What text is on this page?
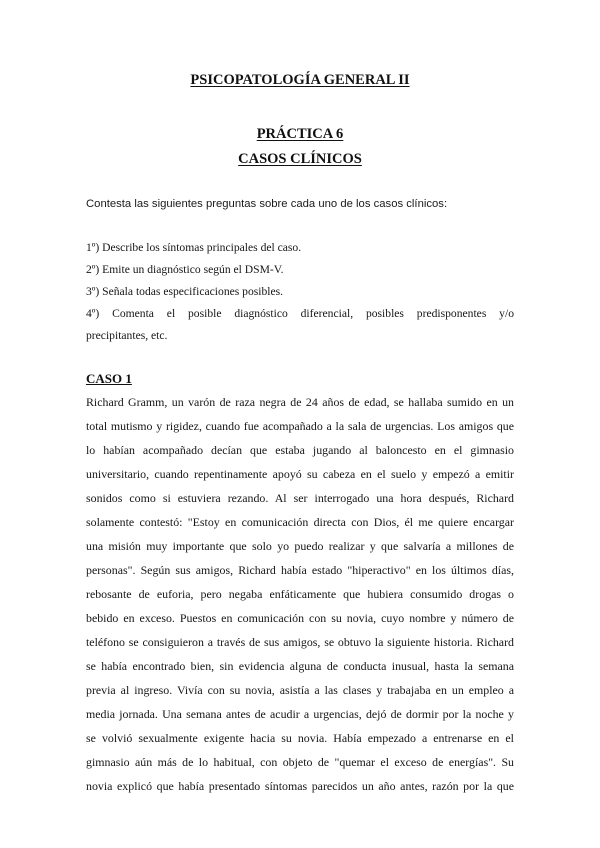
PSICOPATOLOGÍA GENERAL II

PRÁCTICA 6

CASOS CLÍNICOS

Contesta las siguientes preguntas sobre cada uno de los casos clínicos:

1º) Describe los síntomas principales del caso.

2º) Emite un diagnóstico según el DSM-V.

3º) Señala todas especificaciones posibles.

4º) Comenta el posible diagnóstico diferencial, posibles predisponentes y/o

precipitantes, etc.

CASO 1

Richard Gramm, un varón de raza negra de 24 años de edad, se hallaba sumido en un

total mutismo y rigidez, cuando fue acompañado a la sala de urgencias. Los amigos que

lo habían acompañado decían que estaba jugando al baloncesto en el gimnasio

universitario, cuando repentinamente apoyó su cabeza en el suelo y empezó a emitir

sonidos como si estuviera rezando. Al ser interrogado una hora después, Richard

solamente contestó: "Estoy en comunicación directa con Dios, él me quiere encargar

una misión muy importante que solo yo puedo realizar y que salvaría a millones de

personas". Según sus amigos, Richard había estado "hiperactivo" en los últimos días,

rebosante de euforia, pero negaba enfáticamente que hubiera consumido drogas o

bebido en exceso. Puestos en comunicación con su novia, cuyo nombre y número de

teléfono se consiguieron a través de sus amigos, se obtuvo la siguiente historia. Richard

se había encontrado bien, sin evidencia alguna de conducta inusual, hasta la semana

previa al ingreso. Vivía con su novia, asistía a las clases y trabajaba en un empleo a

media jornada. Una semana antes de acudir a urgencias, dejó de dormir por la noche y

se volvió sexualmente exigente hacia su novia. Había empezado a entrenarse en el

gimnasio aún más de lo habitual, con objeto de "quemar el exceso de energías". Su

novia explicó que había presentado síntomas parecidos un año antes, razón por la que
